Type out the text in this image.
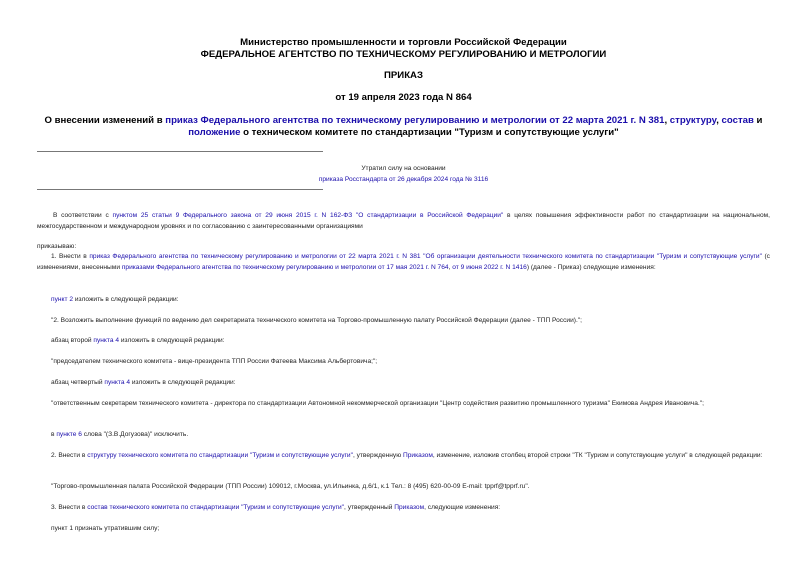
Министерство промышленности и торговли Российской Федерации
ФЕДЕРАЛЬНОЕ АГЕНТСТВО ПО ТЕХНИЧЕСКОМУ РЕГУЛИРОВАНИЮ И МЕТРОЛОГИИ
ПРИКАЗ
от 19 апреля 2023 года N 864
О внесении изменений в приказ Федерального агентства по техническому регулированию и метрологии от 22 марта 2021 г. N 381, структуру, состав и положение о техническом комитете по стандартизации "Туризм и сопутствующие услуги"
Утратил силу на основании
приказа Росстандарта от 26 декабря 2024 года № 3116
В соответствии с пунктом 25 статьи 9 Федерального закона от 29 июня 2015 г. N 162-ФЗ "О стандартизации в Российской Федерации" в целях повышения эффективности работ по стандартизации на национальном, межгосударственном и международном уровнях и по согласованию с заинтересованными организациями
приказываю:
1. Внести в приказ Федерального агентства по техническому регулированию и метрологии от 22 марта 2021 г. N 381 "Об организации деятельности технического комитета по стандартизации "Туризм и сопутствующие услуги" (с изменениями, внесенными приказами Федерального агентства по техническому регулированию и метрологии от 17 мая 2021 г. N 764, от 9 июня 2022 г. N 1416) (далее - Приказ) следующие изменения:
пункт 2 изложить в следующей редакции:
"2. Возложить выполнение функций по ведению дел секретариата технического комитета на Торгово-промышленную палату Российской Федерации (далее - ТПП России).";
абзац второй пункта 4 изложить в следующей редакции:
"председателем технического комитета - вице-президента ТПП России Фатеева Максима Альбертовича;";
абзац четвертый пункта 4 изложить в следующей редакции:
"ответственным секретарем технического комитета - директора по стандартизации Автономной некоммерческой организации "Центр содействия развитию промышленного туризма" Екимова Андрея Ивановича.";
в пункте 6 слова "(З.В.Догузова)" исключить.
2. Внести в структуру технического комитета по стандартизации "Туризм и сопутствующие услуги", утвержденную Приказом, изменение, изложив столбец второй строки "ТК "Туризм и сопутствующие услуги" в следующей редакции:
"Торгово-промышленная палата Российской Федерации (ТПП России) 109012, г.Москва, ул.Ильинка, д.6/1, к.1 Тел.: 8 (495) 620-00-09 E-mail: tpprf@tpprf.ru".
3. Внести в состав технического комитета по стандартизации "Туризм и сопутствующие услуги", утвержденный Приказом, следующие изменения:
пункт 1 признать утратившим силу;
